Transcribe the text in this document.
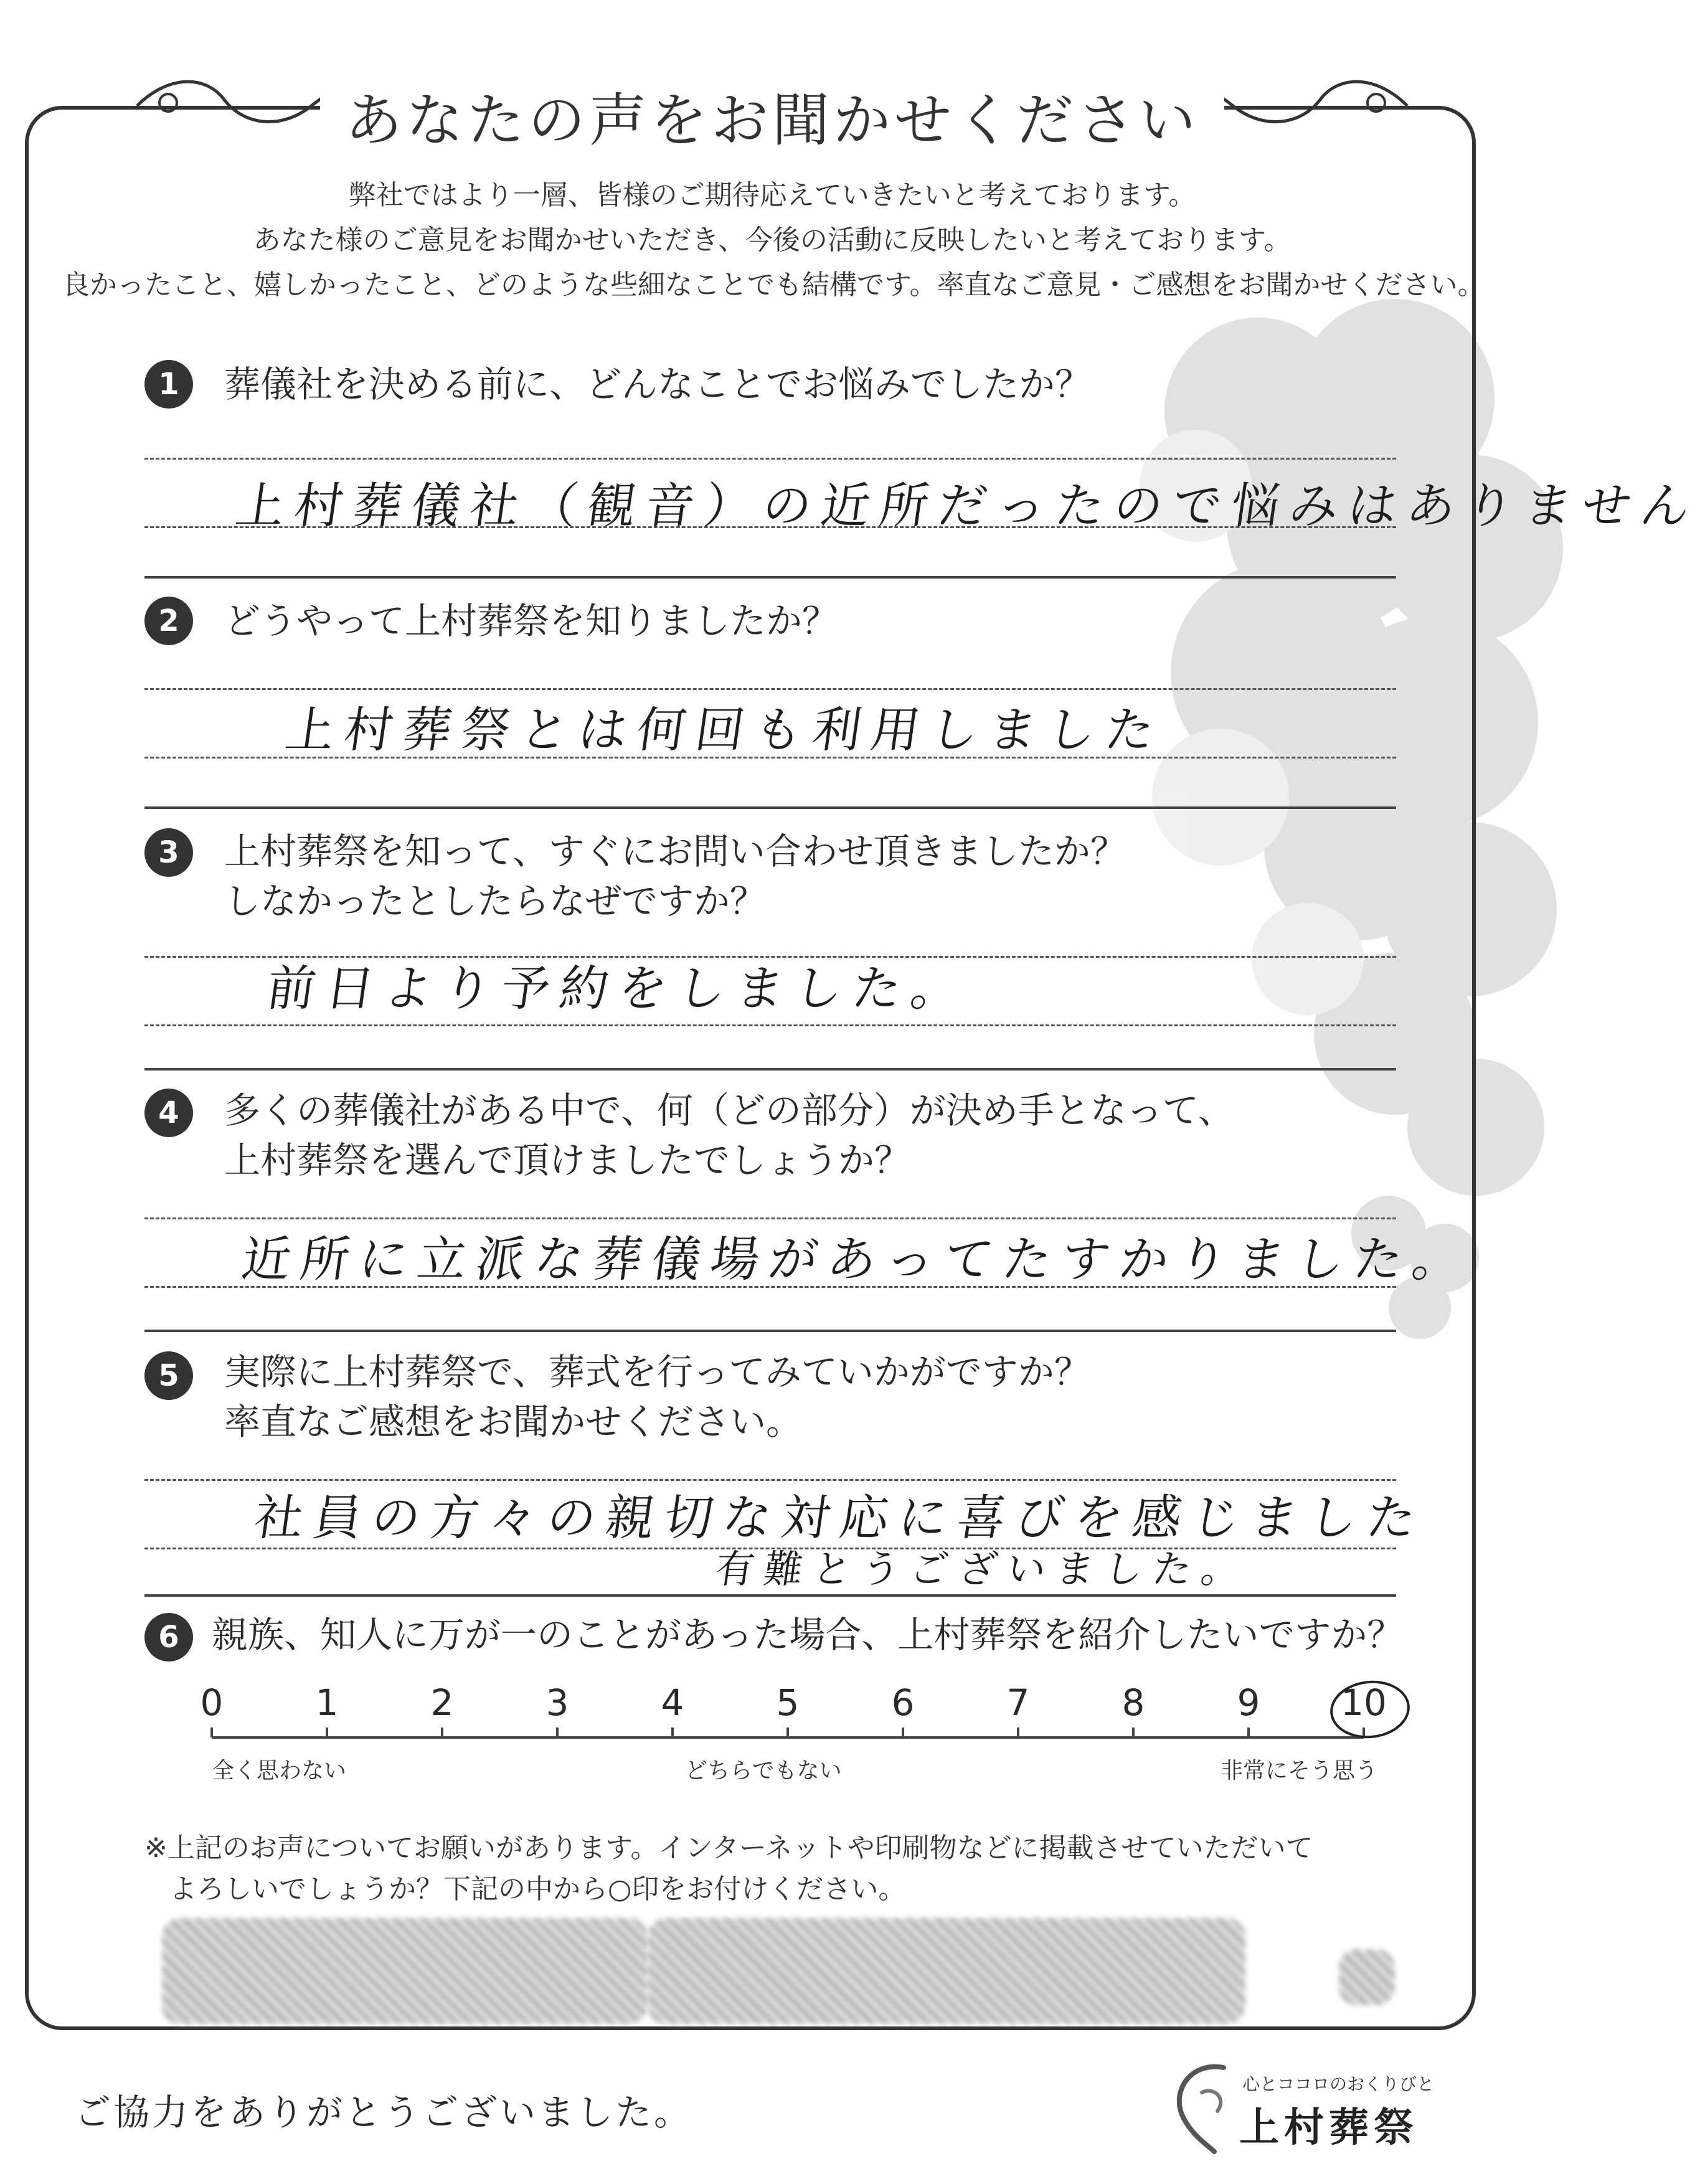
あなたの声をお聞かせください
弊社ではより一層、皆様のご期待応えていきたいと考えております。
あなた様のご意見をお聞かせいただき、今後の活動に反映したいと考えております。
良かったこと、嬉しかったこと、どのような些細なことでも結構です。率直なご意見・ご感想をお聞かせください。
1	葬儀社を決める前に、どんなことでお悩みでしたか？
上村葬儀社（観音）の近所だったので悩みはありません
2	どうやって上村葬祭を知りましたか？
上村葬祭とは何回も利用しました
3	上村葬祭を知って、すぐにお問い合わせ頂きましたか？
しなかったとしたらなぜですか？
前日より予約をしました。
4	多くの葬儀社がある中で、何（どの部分）が決め手となって、
上村葬祭を選んで頂けましたでしょうか？
近所に立派な葬儀場があってたすかりました。
5	実際に上村葬祭で、葬式を行ってみていかがですか？
率直なご感想をお聞かせください。
社員の方々の親切な対応に喜びを感じました
有難とうございました。
6 親族、知人に万が一のことがあった場合、上村葬祭を紹介したいですか？
0	1	2	3	4	5	6	7	8	9	10
全く思わない	どちらでもない	非常にそう思う
※上記のお声についてお願いがあります。インターネットや印刷物などに掲載させていただいて
よろしいでしょうか？下記の中から○印をお付けください。
ご協力をありがとうございました。
心とココロのおくりびと
上村葬祭
